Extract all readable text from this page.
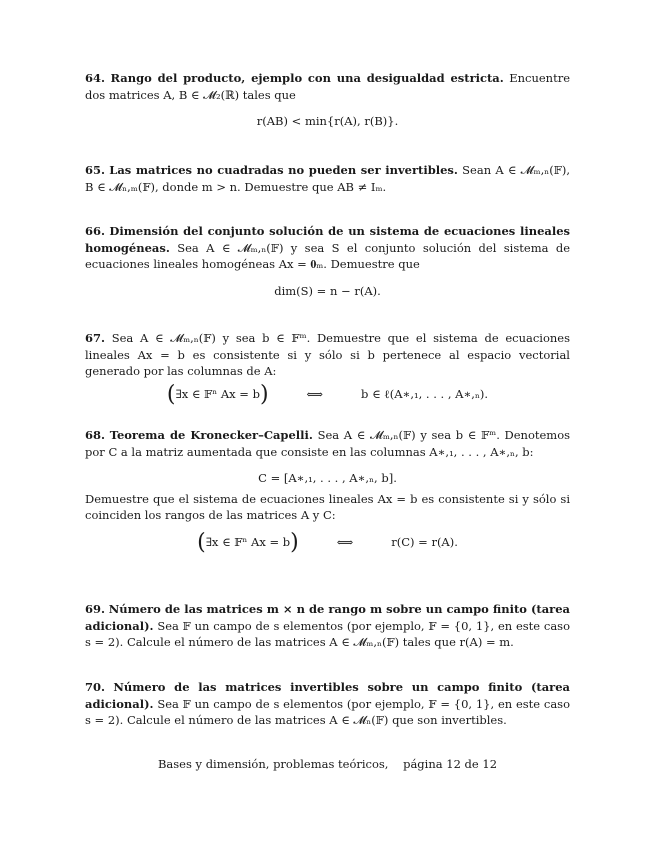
64. Rango del producto, ejemplo con una desigualdad estricta. Encuentre dos matrices A, B ∈ 𝓜₂(ℝ) tales que

r(AB) < min{r(A), r(B)}.

65. Las matrices no cuadradas no pueden ser invertibles. Sean A ∈ 𝓜ₘ,ₙ(𝔽), B ∈ 𝓜ₙ,ₘ(𝔽), donde m > n. Demuestre que AB ≠ Iₘ.

66. Dimensión del conjunto solución de un sistema de ecuaciones lineales homogéneas. Sea A ∈ 𝓜ₘ,ₙ(𝔽) y sea S el conjunto solución del sistema de ecuaciones lineales homogéneas Ax = 𝟎ₘ. Demuestre que

dim(S) = n − r(A).

67. Sea A ∈ 𝓜ₘ,ₙ(𝔽) y sea b ∈ 𝔽ᵐ. Demuestre que el sistema de ecuaciones lineales Ax = b es consistente si y sólo si b pertenece al espacio vectorial generado por las columnas de A:

(∃x ∈ 𝔽ⁿ Ax = b)	⟺	b ∈ ℓ(A∗,₁, . . . , A∗,ₙ).

68. Teorema de Kronecker–Capelli. Sea A ∈ 𝓜ₘ,ₙ(𝔽) y sea b ∈ 𝔽ᵐ. Denotemos por C a la matriz aumentada que consiste en las columnas A∗,₁, . . . , A∗,ₙ, b:

C = [A∗,₁, . . . , A∗,ₙ, b].

Demuestre que el sistema de ecuaciones lineales Ax = b es consistente si y sólo si coinciden los rangos de las matrices A y C:

(∃x ∈ 𝔽ⁿ Ax = b)	⟺	r(C) = r(A).

69. Número de las matrices m × n de rango m sobre un campo finito (tarea adicional). Sea 𝔽 un campo de s elementos (por ejemplo, 𝔽 = {0, 1}, en este caso s = 2). Calcule el número de las matrices A ∈ 𝓜ₘ,ₙ(𝔽) tales que r(A) = m.

70. Número de las matrices invertibles sobre un campo finito (tarea adicional). Sea 𝔽 un campo de s elementos (por ejemplo, 𝔽 = {0, 1}, en este caso s = 2). Calcule el número de las matrices A ∈ 𝓜ₙ(𝔽) que son invertibles.

Bases y dimensión, problemas teóricos,    página 12 de 12
